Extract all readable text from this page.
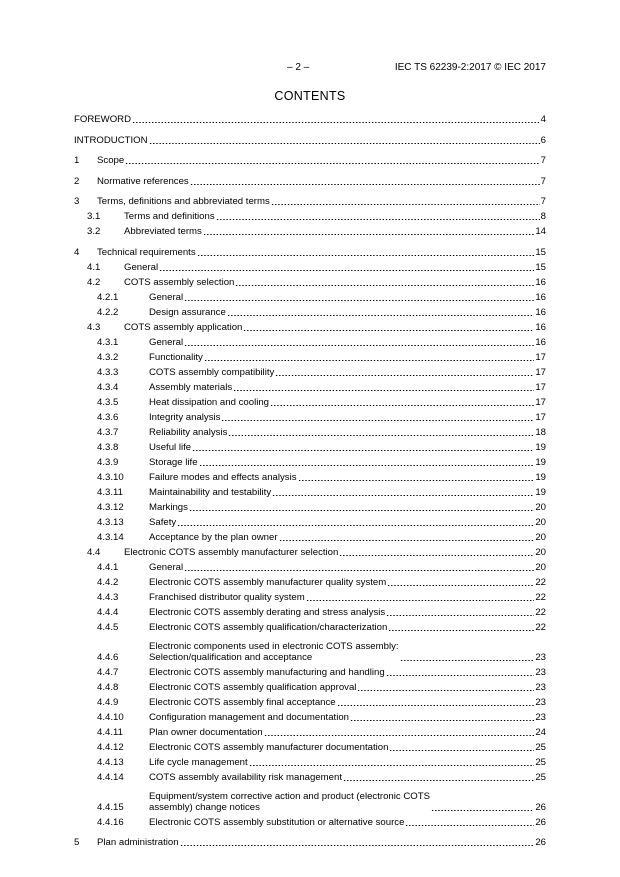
– 2 –	IEC TS 62239-2:2017 © IEC 2017
CONTENTS
FOREWORD	4
INTRODUCTION	6
1	Scope	7
2	Normative references	7
3	Terms, definitions and abbreviated terms	7
3.1	Terms and definitions	8
3.2	Abbreviated terms	14
4	Technical requirements	15
4.1	General	15
4.2	COTS assembly selection	16
4.2.1	General	16
4.2.2	Design assurance	16
4.3	COTS assembly application	16
4.3.1	General	16
4.3.2	Functionality	17
4.3.3	COTS assembly compatibility	17
4.3.4	Assembly materials	17
4.3.5	Heat dissipation and cooling	17
4.3.6	Integrity analysis	17
4.3.7	Reliability analysis	18
4.3.8	Useful life	19
4.3.9	Storage life	19
4.3.10	Failure modes and effects analysis	19
4.3.11	Maintainability and testability	19
4.3.12	Markings	20
4.3.13	Safety	20
4.3.14	Acceptance by the plan owner	20
4.4	Electronic COTS assembly manufacturer selection	20
4.4.1	General	20
4.4.2	Electronic COTS assembly manufacturer quality system	22
4.4.3	Franchised distributor quality system	22
4.4.4	Electronic COTS assembly derating and stress analysis	22
4.4.5	Electronic COTS assembly qualification/characterization	22
4.4.6
Electronic components used in electronic COTS assembly:
Selection/qualification and acceptance	23
4.4.7	Electronic COTS assembly manufacturing and handling	23
4.4.8	Electronic COTS assembly qualification approval	23
4.4.9	Electronic COTS assembly final acceptance	23
4.4.10	Configuration management and documentation	23
4.4.11	Plan owner documentation	24
4.4.12	Electronic COTS assembly manufacturer documentation	25
4.4.13	Life cycle management	25
4.4.14	COTS assembly availability risk management	25
4.4.15
Equipment/system corrective action and product (electronic COTS
assembly) change notices	26
4.4.16	Electronic COTS assembly substitution or alternative source	26
5	Plan administration	26
